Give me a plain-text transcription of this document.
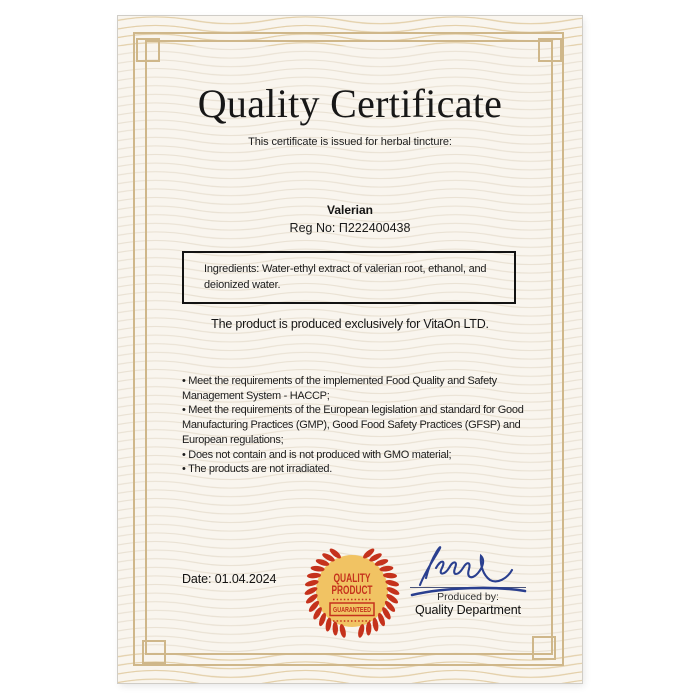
Quality Certificate
This certificate is issued for herbal tincture:
Valerian
Reg No: П222400438
Ingredients: Water-ethyl extract of valerian root, ethanol, and deionized water.
The product is produced exclusively for VitaOn LTD.
• Meet the requirements of the implemented Food Quality and Safety Management System - HACCP;
• Meet the requirements of the European legislation and standard for Good Manufacturing Practices (GMP), Good Food Safety Practices (GFSP) and European regulations;
• Does not contain and is not produced with GMO material;
• The products are not irradiated.
Date: 01.04.2024	QUALITY
PRODUCT
GUARANTEED
Produced by:
Quality Department
